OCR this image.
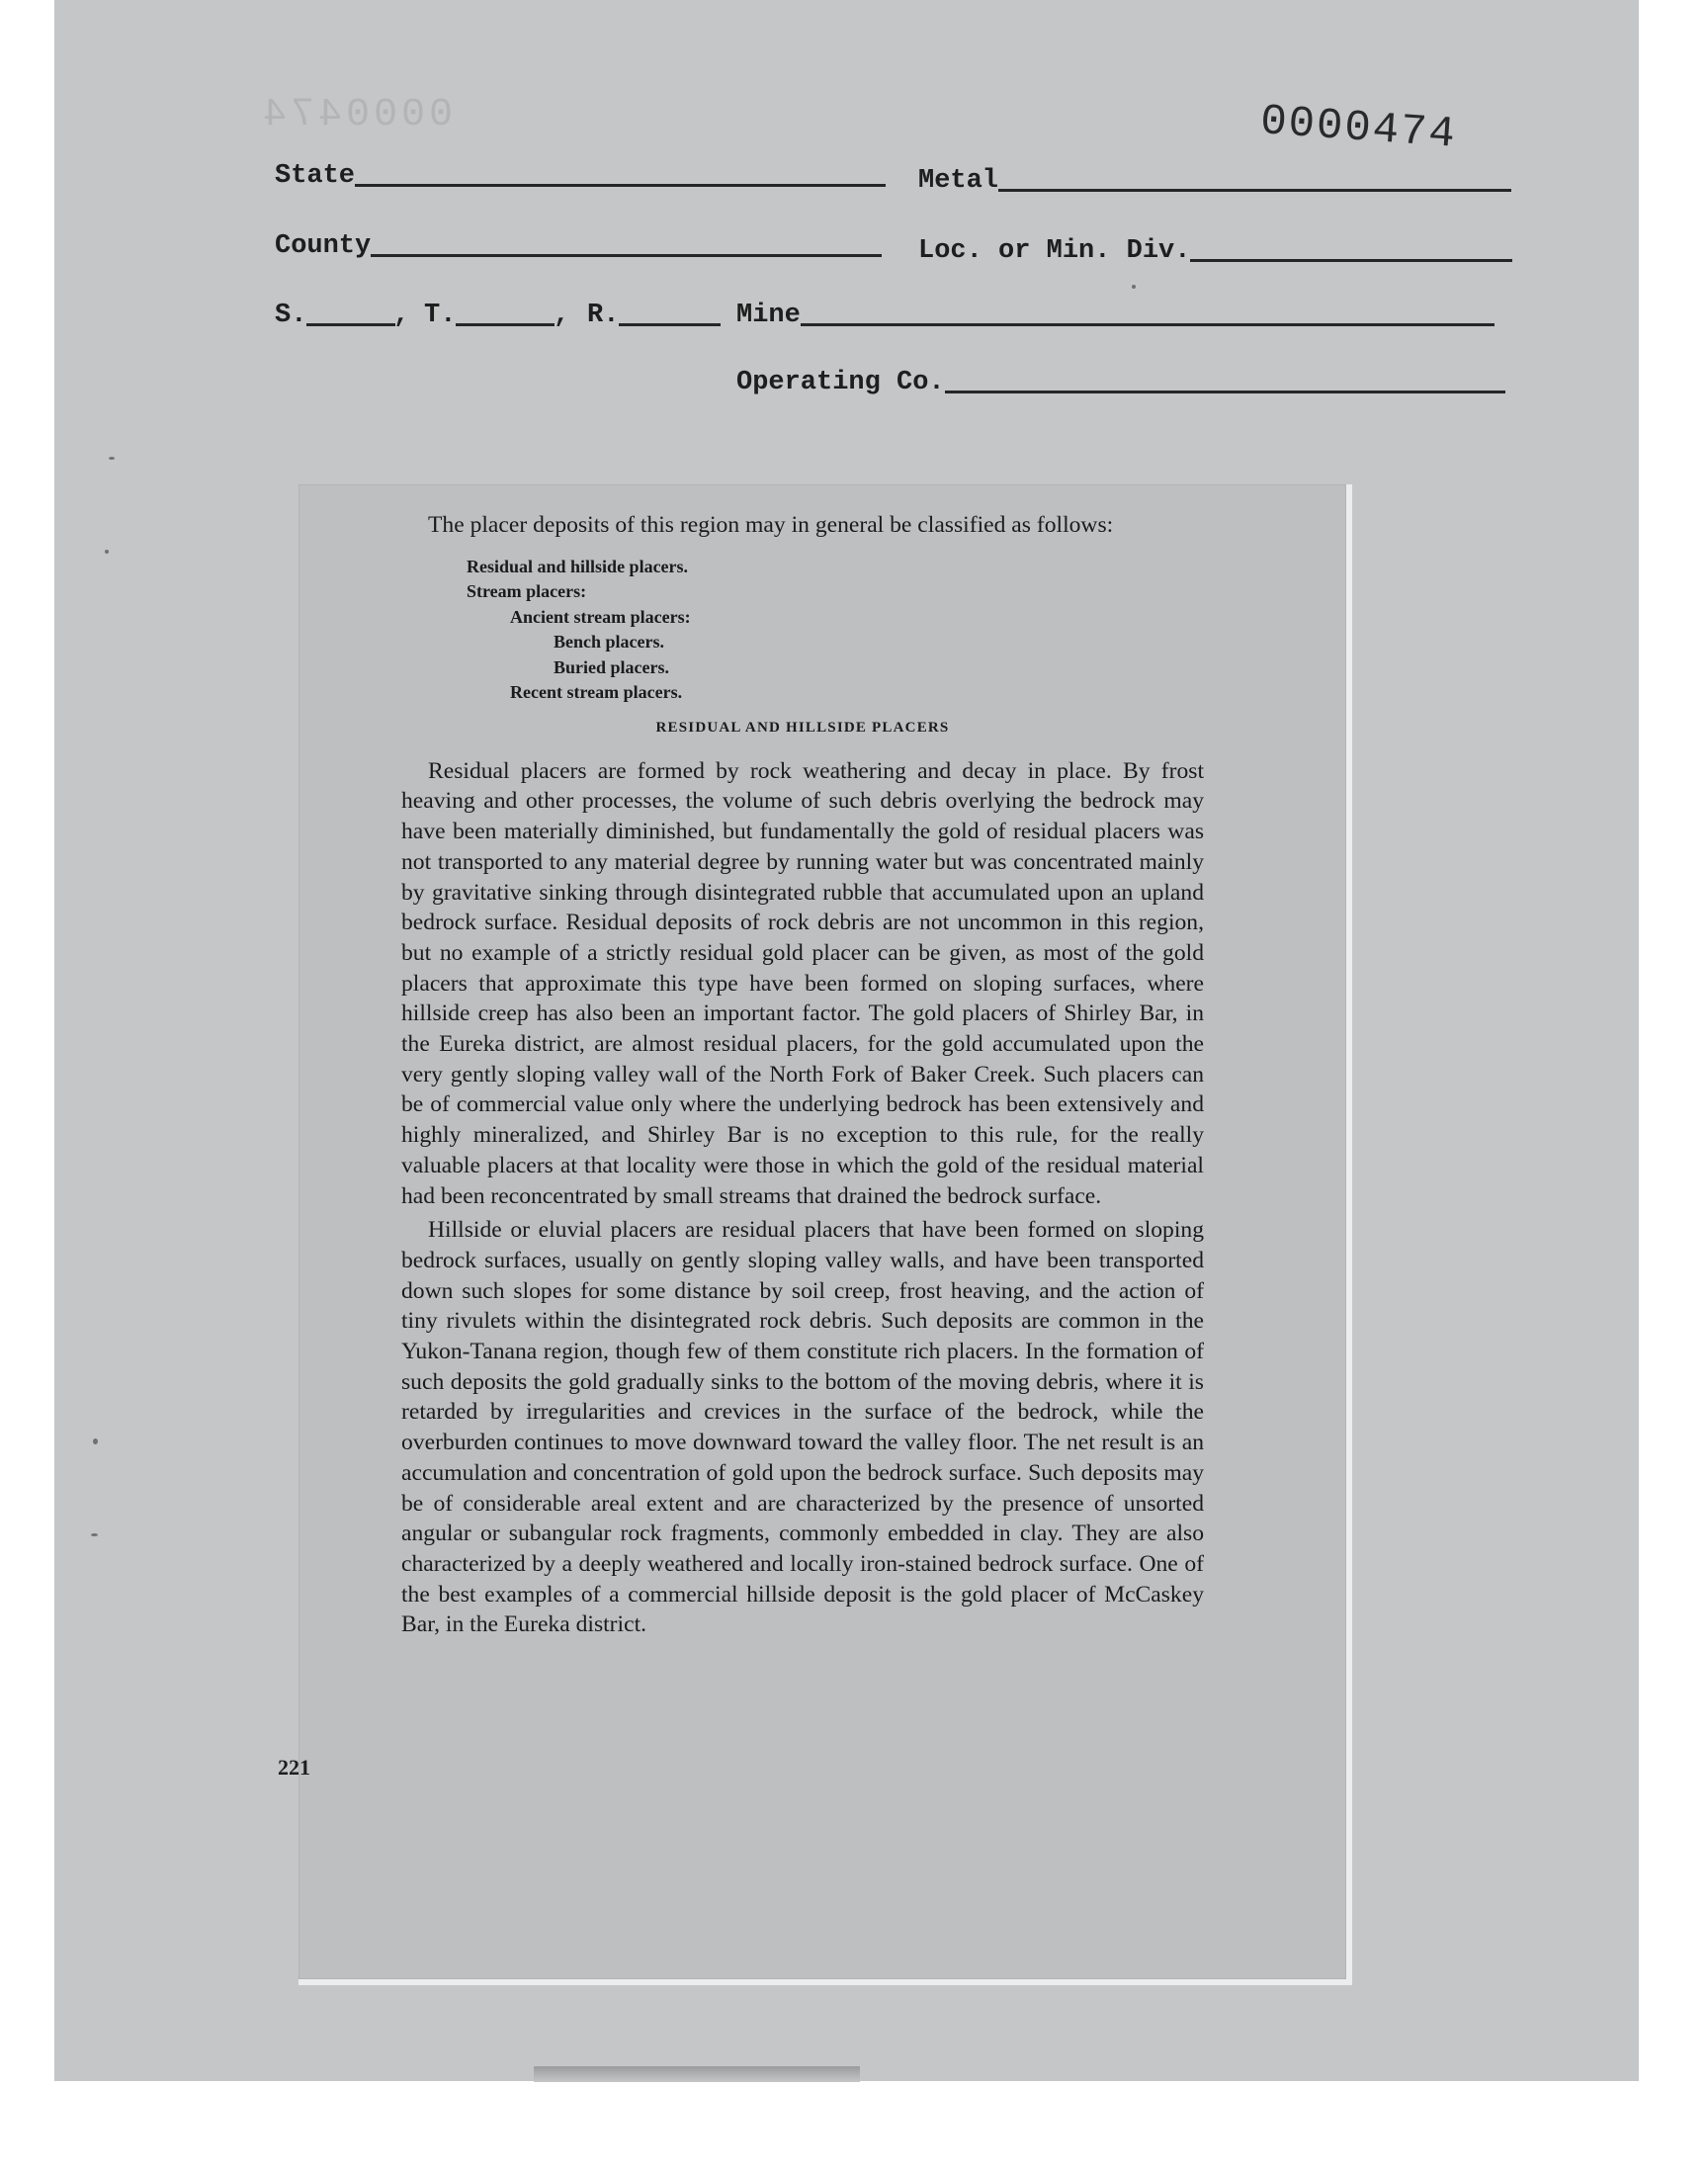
0000474	0000474
State	Metal
County	Loc. or Min. Div.
S.	, T.	, R.	Mine
Operating Co.

The placer deposits of this region may in general be classified as follows:

Residual and hillside placers.
Stream placers:
Ancient stream placers:
Bench placers.
Buried placers.
Recent stream placers.
RESIDUAL AND HILLSIDE PLACERS

Residual placers are formed by rock weathering and decay in place. By frost heaving and other processes, the volume of such debris overlying the bedrock may have been materially diminished, but fundamentally the gold of residual placers was not transported to any material degree by running water but was concentrated mainly by gravitative sinking through disintegrated rubble that accumulated upon an upland bedrock surface. Residual deposits of rock debris are not uncommon in this region, but no example of a strictly residual gold placer can be given, as most of the gold placers that approximate this type have been formed on sloping surfaces, where hillside creep has also been an important factor. The gold placers of Shirley Bar, in the Eureka district, are almost residual placers, for the gold accumulated upon the very gently sloping valley wall of the North Fork of Baker Creek. Such placers can be of commercial value only where the underlying bedrock has been extensively and highly mineralized, and Shirley Bar is no exception to this rule, for the really valuable placers at that locality were those in which the gold of the residual material had been reconcentrated by small streams that drained the bedrock surface.

Hillside or eluvial placers are residual placers that have been formed on sloping bedrock surfaces, usually on gently sloping valley walls, and have been transported down such slopes for some distance by soil creep, frost heaving, and the action of tiny rivulets within the disintegrated rock debris. Such deposits are common in the Yukon-Tanana region, though few of them constitute rich placers. In the formation of such deposits the gold gradually sinks to the bottom of the moving debris, where it is retarded by irregularities and crevices in the surface of the bedrock, while the overburden continues to move downward toward the valley floor. The net result is an accumulation and concentration of gold upon the bedrock surface. Such deposits may be of considerable areal extent and are characterized by the presence of unsorted angular or subangular rock fragments, commonly embedded in clay. They are also characterized by a deeply weathered and locally iron-stained bedrock surface. One of the best examples of a commercial hillside deposit is the gold placer of McCaskey Bar, in the Eureka district.

221
